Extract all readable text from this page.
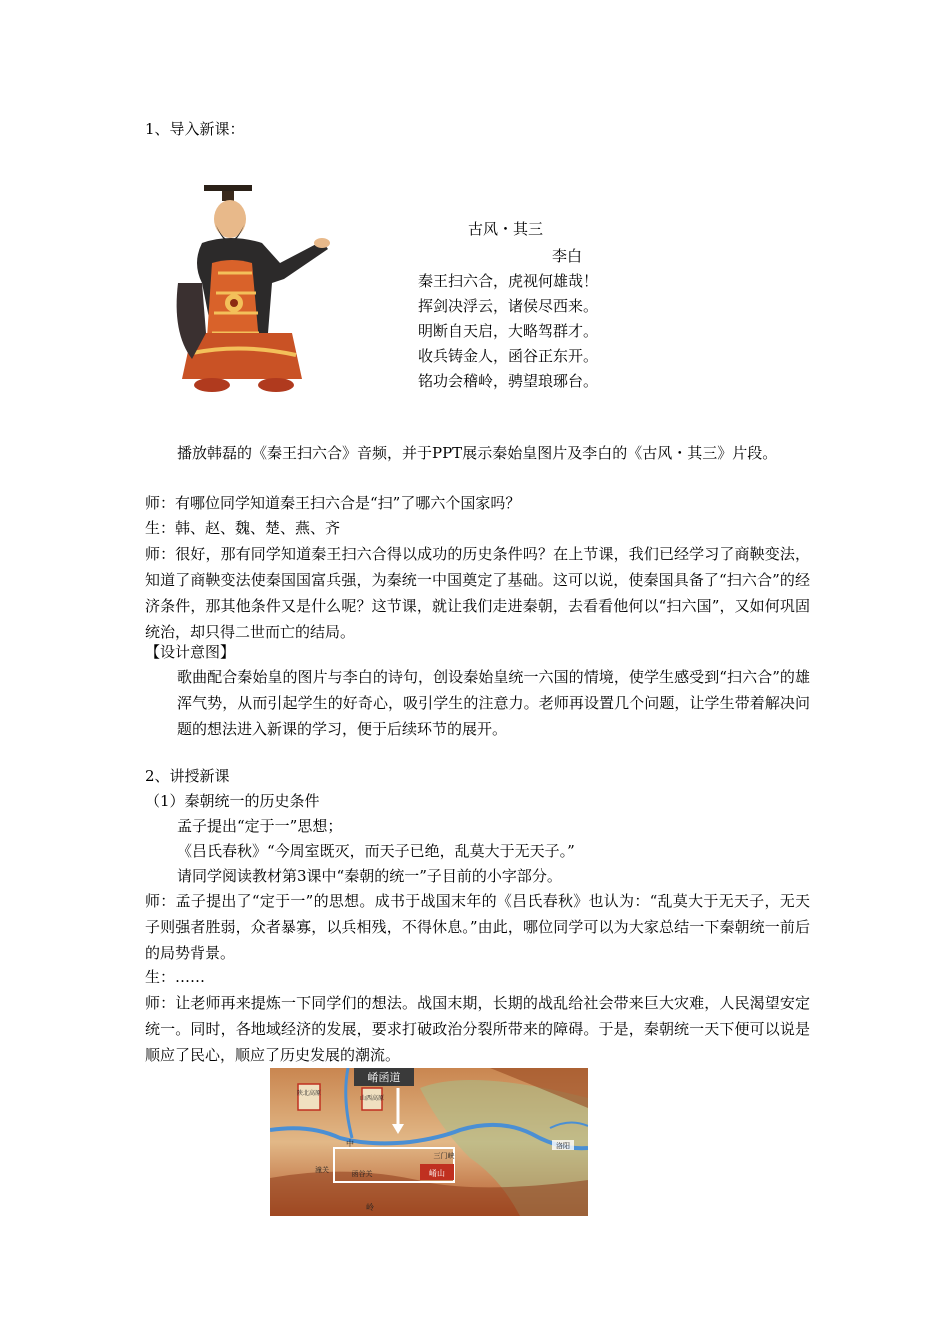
1、导入新课：
古风・其三
李白
秦王扫六合，虎视何雄哉！
挥剑决浮云，诸侯尽西来。
明断自天启，大略驾群才。
收兵铸金人，函谷正东开。
铭功会稽岭，骋望琅琊台。
播放韩磊的《秦王扫六合》音频，并于PPT展示秦始皇图片及李白的《古风・其三》片段。
师：有哪位同学知道秦王扫六合是“扫”了哪六个国家吗？
生：韩、赵、魏、楚、燕、齐
师：很好，那有同学知道秦王扫六合得以成功的历史条件吗？在上节课，我们已经学习了商鞅变法，知道了商鞅变法使秦国国富兵强，为秦统一中国奠定了基础。这可以说，使秦国具备了“扫六合”的经济条件，那其他条件又是什么呢？这节课，就让我们走进秦朝，去看看他何以“扫六国”，又如何巩固统治，却只得二世而亡的结局。
【设计意图】
歌曲配合秦始皇的图片与李白的诗句，创设秦始皇统一六国的情境，使学生感受到“扫六合”的雄浑气势，从而引起学生的好奇心，吸引学生的注意力。老师再设置几个问题，让学生带着解决问题的想法进入新课的学习，便于后续环节的展开。
2、讲授新课
（1）秦朝统一的历史条件
孟子提出“定于一”思想；
《吕氏春秋》“今周室既灭，而天子已绝，乱莫大于无天子。”
请同学阅读教材第3课中“秦朝的统一”子目前的小字部分。
师：孟子提出了“定于一”的思想。成书于战国末年的《吕氏春秋》也认为：“乱莫大于无天子，无天子则强者胜弱，众者暴寡，以兵相残，不得休息。”由此，哪位同学可以为大家总结一下秦朝统一前后的局势背景。
生：……
师：让老师再来提炼一下同学们的想法。战国末期，长期的战乱给社会带来巨大灾难，人民渴望安定统一。同时，各地域经济的发展，要求打破政治分裂所带来的障碍。于是，秦朝统一天下便可以说是顺应了民心，顺应了历史发展的潮流。
崤函道
陕北高原
山西高原
崤山
函谷关
三门峡
潼关
中
岭
洛阳
